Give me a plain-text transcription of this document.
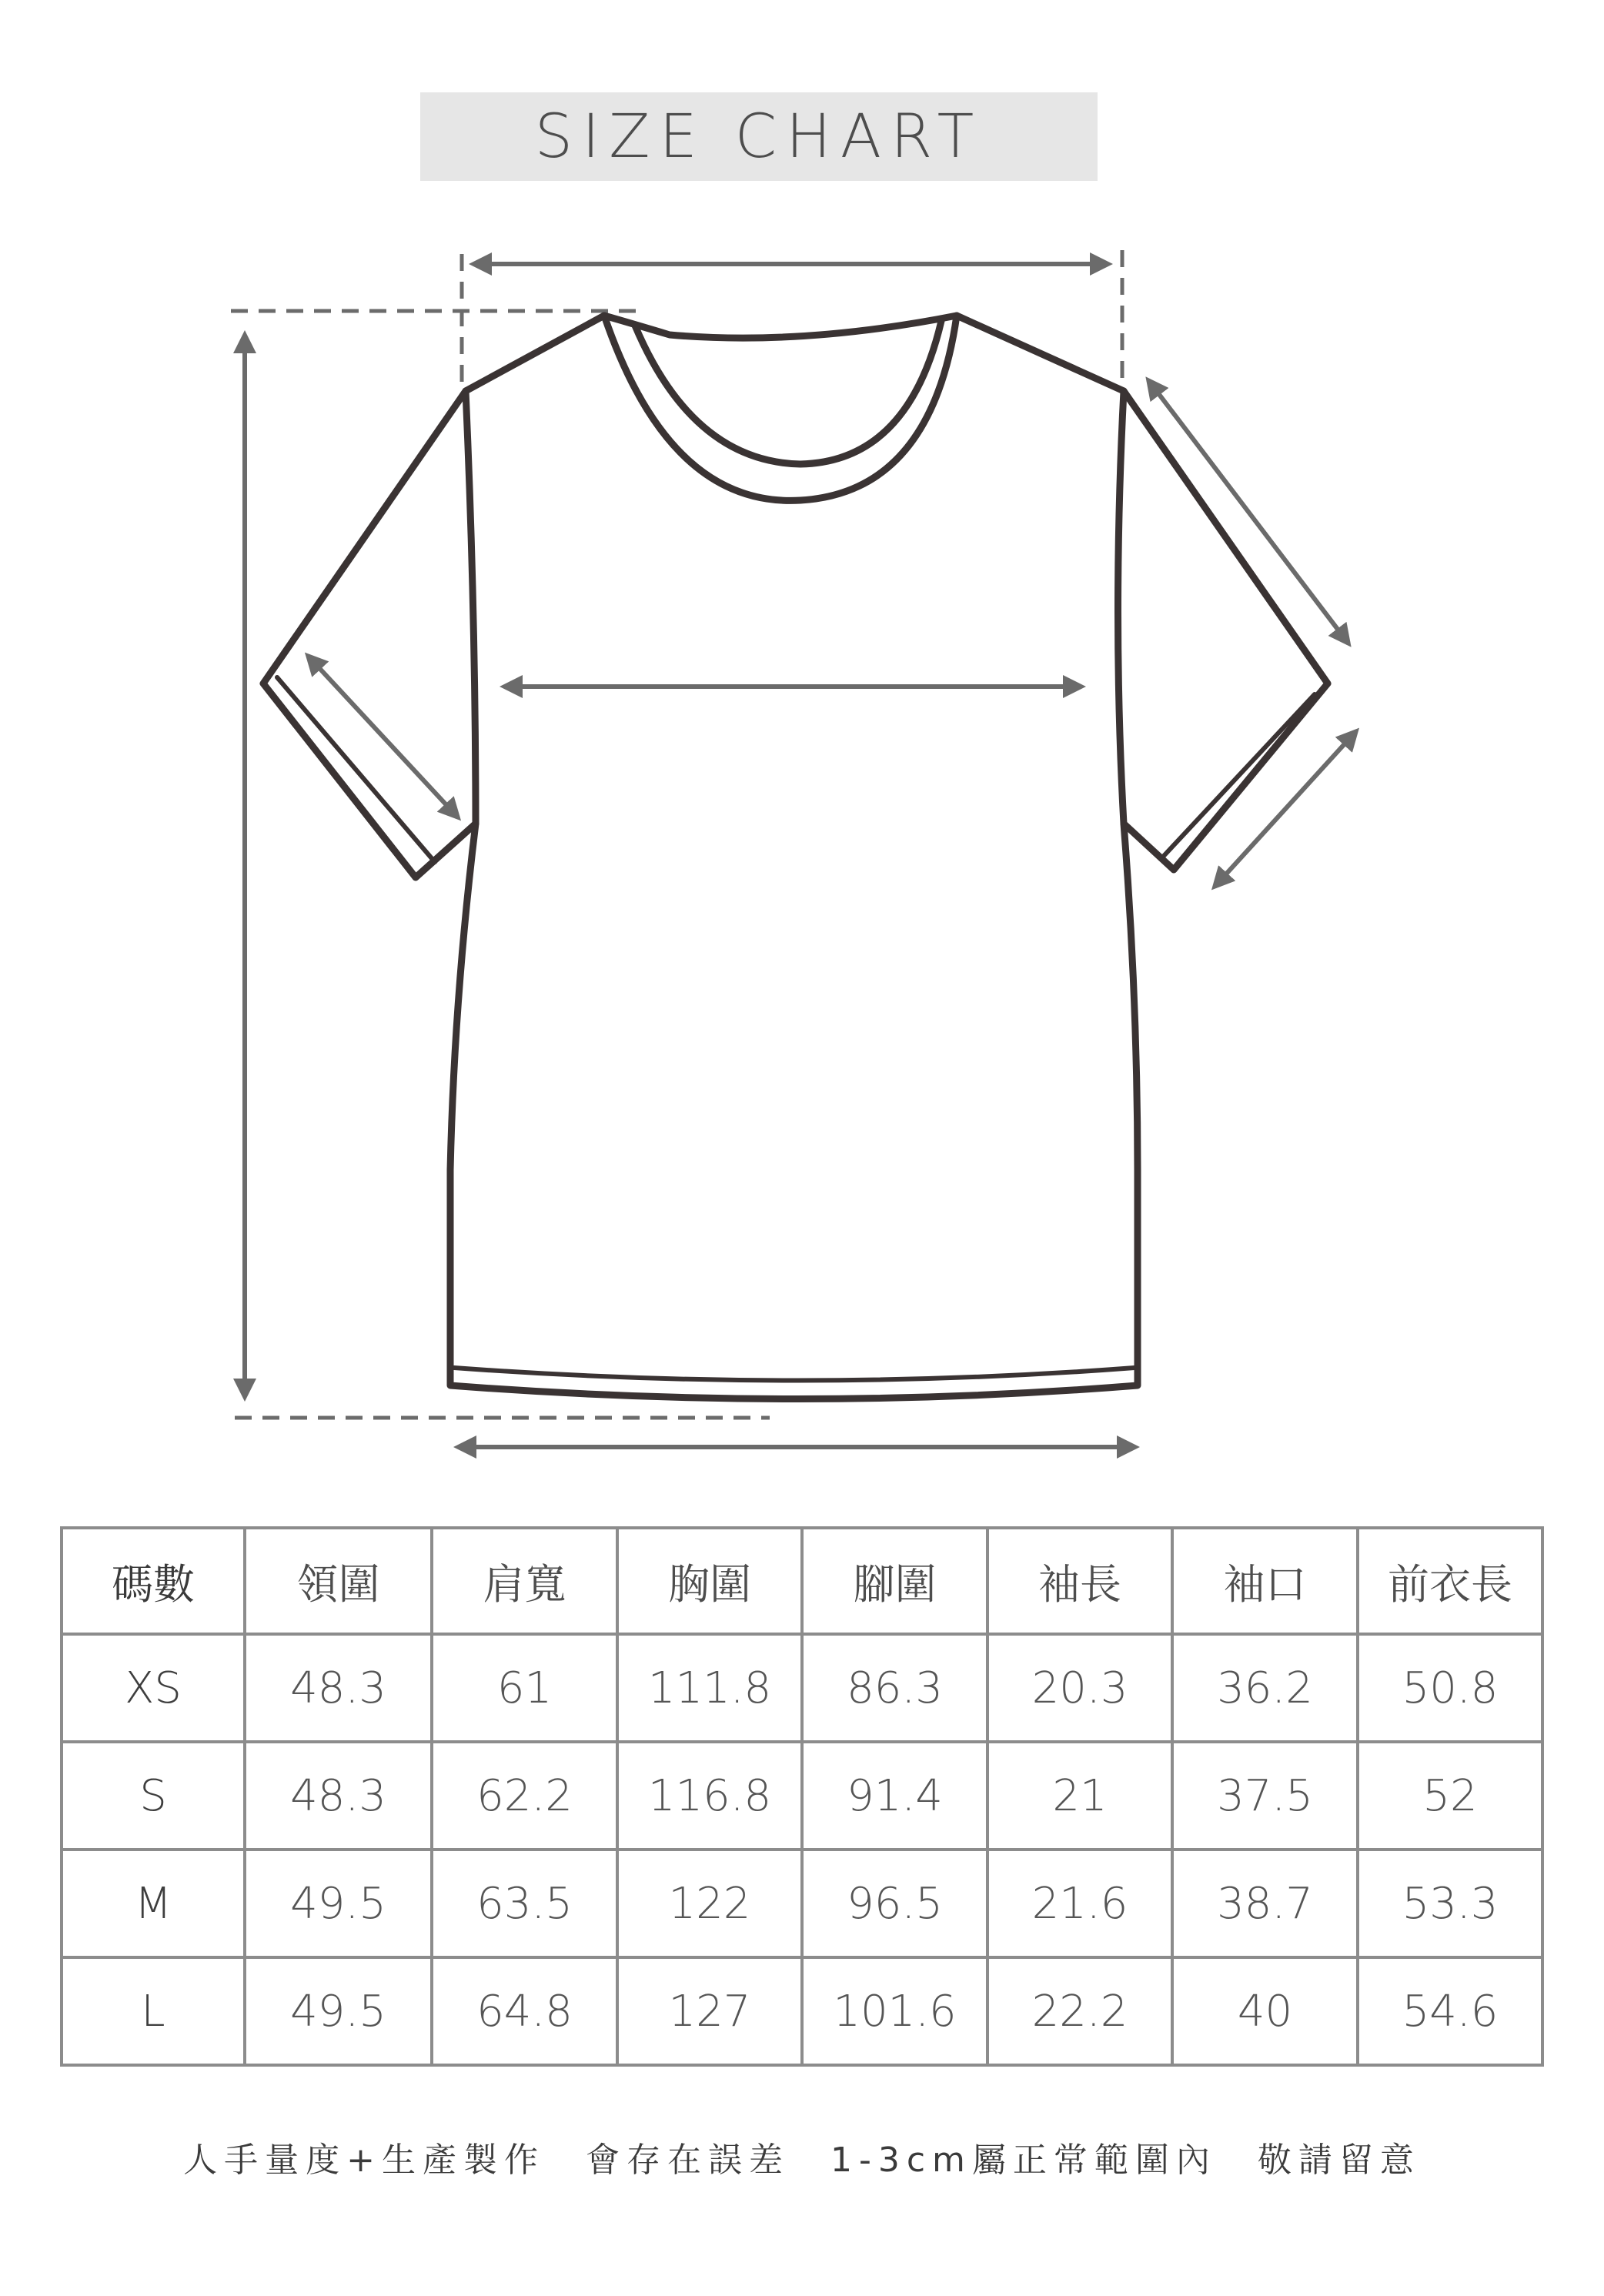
SIZE CHART
碼數	領圍	肩寬	胸圍	腳圍	袖長	袖口	前衣長
XS	48.3	61	111.8	86.3	20.3	36.2	50.8
S	48.3	62.2	116.8	91.4	21	37.5	52
M	49.5	63.5	122	96.5	21.6	38.7	53.3
L	49.5	64.8	127	101.6	22.2	40	54.6
人手量度+生產製作　會存在誤差　1-3cm屬正常範圍內　敬請留意
